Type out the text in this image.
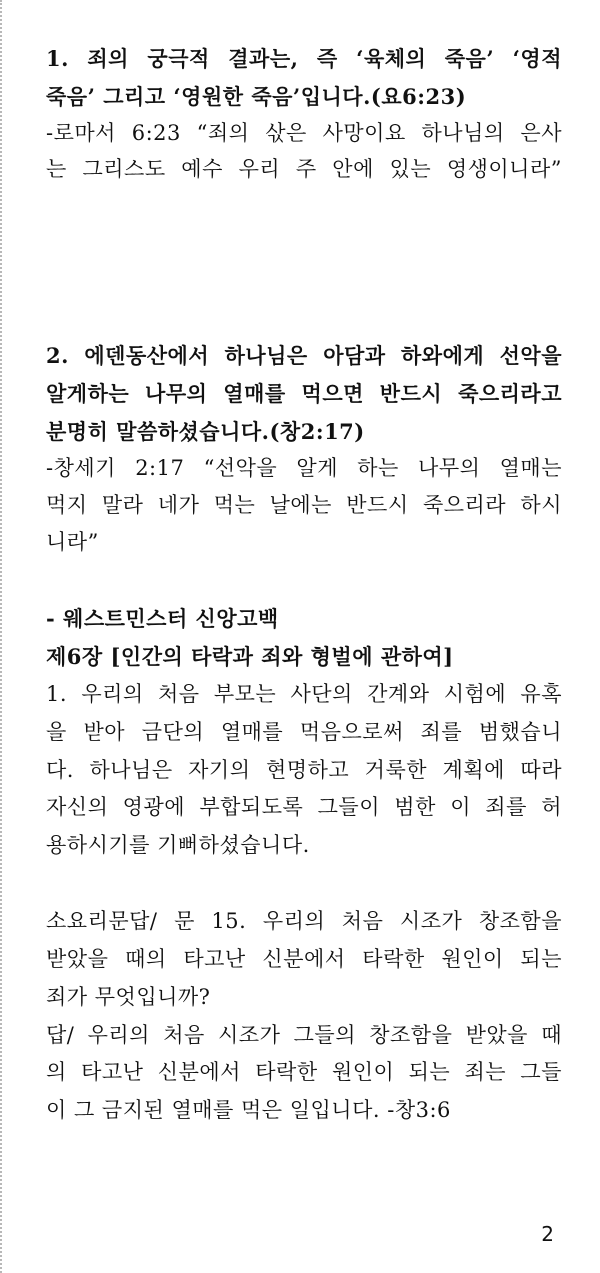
1. 죄의 궁극적 결과는, 즉 ‘육체의 죽음’ ‘영적
죽음’ 그리고 ‘영원한 죽음’입니다.(요6:23)
-로마서 6:23 “죄의 삯은 사망이요 하나님의 은사
는 그리스도 예수 우리 주 안에 있는 영생이니라”
2. 에덴동산에서 하나님은 아담과 하와에게 선악을
알게하는 나무의 열매를 먹으면 반드시 죽으리라고
분명히 말씀하셨습니다.(창2:17)
-창세기 2:17 “선악을 알게 하는 나무의 열매는
먹지 말라 네가 먹는 날에는 반드시 죽으리라 하시
니라”
- 웨스트민스터 신앙고백
제6장 [인간의 타락과 죄와 형벌에 관하여]
1. 우리의 처음 부모는 사단의 간계와 시험에 유혹
을 받아 금단의 열매를 먹음으로써 죄를 범했습니
다. 하나님은 자기의 현명하고 거룩한 계획에 따라
자신의 영광에 부합되도록 그들이 범한 이 죄를 허
용하시기를 기뻐하셨습니다.
소요리문답/ 문 15. 우리의 처음 시조가 창조함을
받았을 때의 타고난 신분에서 타락한 원인이 되는
죄가 무엇입니까?
답/ 우리의 처음 시조가 그들의 창조함을 받았을 때
의 타고난 신분에서 타락한 원인이 되는 죄는 그들
이 그 금지된 열매를 먹은 일입니다. -창3:6
2
